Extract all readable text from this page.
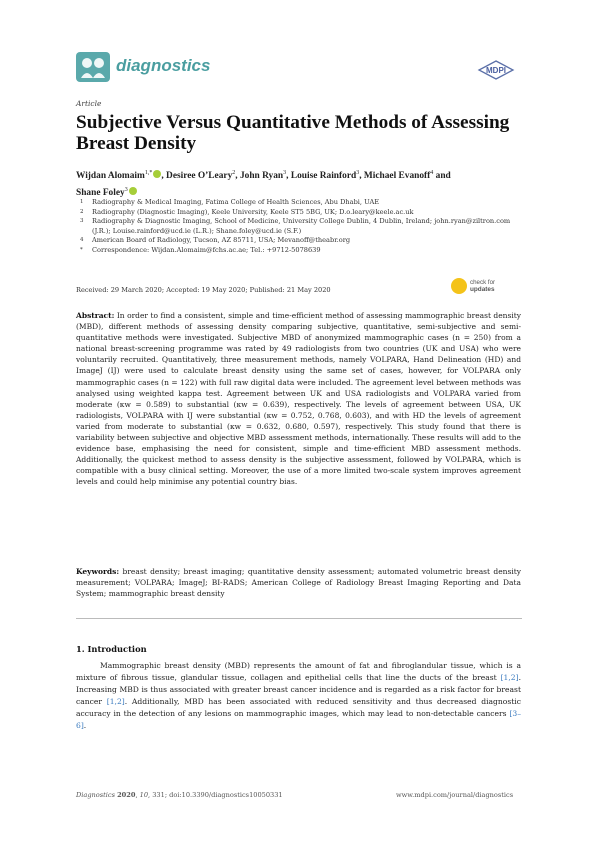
diagnostics	MDPI
Article
Subjective Versus Quantitative Methods of Assessing Breast Density

Wijdan Alomaim$^{1,*}$ , Desiree O’Leary$^2$, John Ryan$^3$, Louise Rainford$^3$, Michael Evanoff$^4$ and
Shane Foley$^3$

1	Radiography & Medical Imaging, Fatima College of Health Sciences, Abu Dhabi, UAE
2	Radiography (Diagnostic Imaging), Keele University, Keele ST5 5BG, UK; D.o.leary@keele.ac.uk
3	Radiography & Diagnostic Imaging, School of Medicine, University College Dublin, 4 Dublin, Ireland; john.ryan@ziltron.com (J.R.); Louise.rainford@ucd.ie (L.R.); Shane.foley@ucd.ie (S.F.)
4	American Board of Radiology, Tucson, AZ 85711, USA; Mevanoff@theabr.org
*	Correspondence: Wijdan.Alomaim@fchs.ac.ae; Tel.: +9712-5078639
Received: 29 March 2020; Accepted: 19 May 2020; Published: 21 May 2020
check for
updates

Abstract: In order to find a consistent, simple and time-efficient method of assessing mammographic breast density (MBD), different methods of assessing density comparing subjective, quantitative, semi-subjective and semi-quantitative methods were investigated. Subjective MBD of anonymized mammographic cases (n = 250) from a national breast-screening programme was rated by 49 radiologists from two countries (UK and USA) who were voluntarily recruited. Quantitatively, three measurement methods, namely VOLPARA, Hand Delineation (HD) and ImageJ (IJ) were used to calculate breast density using the same set of cases, however, for VOLPARA only mammographic cases (n = 122) with full raw digital data were included. The agreement level between methods was analysed using weighted kappa test. Agreement between UK and USA radiologists and VOLPARA varied from moderate (κw = 0.589) to substantial (κw = 0.639), respectively. The levels of agreement between USA, UK radiologists, VOLPARA with IJ were substantial (κw = 0.752, 0.768, 0.603), and with HD the levels of agreement varied from moderate to substantial (κw = 0.632, 0.680, 0.597), respectively. This study found that there is variability between subjective and objective MBD assessment methods, internationally. These results will add to the evidence base, emphasising the need for consistent, simple and time-efficient MBD assessment methods. Additionally, the quickest method to assess density is the subjective assessment, followed by VOLPARA, which is compatible with a busy clinical setting. Moreover, the use of a more limited two-scale system improves agreement levels and could help minimise any potential country bias.

Keywords: breast density; breast imaging; quantitative density assessment; automated volumetric breast density measurement; VOLPARA; ImageJ; BI-RADS; American College of Radiology Breast Imaging Reporting and Data System; mammographic breast density

1. Introduction

Mammographic breast density (MBD) represents the amount of fat and fibroglandular tissue, which is a mixture of fibrous tissue, glandular tissue, collagen and epithelial cells that line the ducts of the breast [1,2]. Increasing MBD is thus associated with greater breast cancer incidence and is regarded as a risk factor for breast cancer [1,2]. Additionally, MBD has been associated with reduced sensitivity and thus decreased diagnostic accuracy in the detection of any lesions on mammographic images, which may lead to non-detectable cancers [3–6].

Diagnostics 2020, 10, 331; doi:10.3390/diagnostics10050331	www.mdpi.com/journal/diagnostics
